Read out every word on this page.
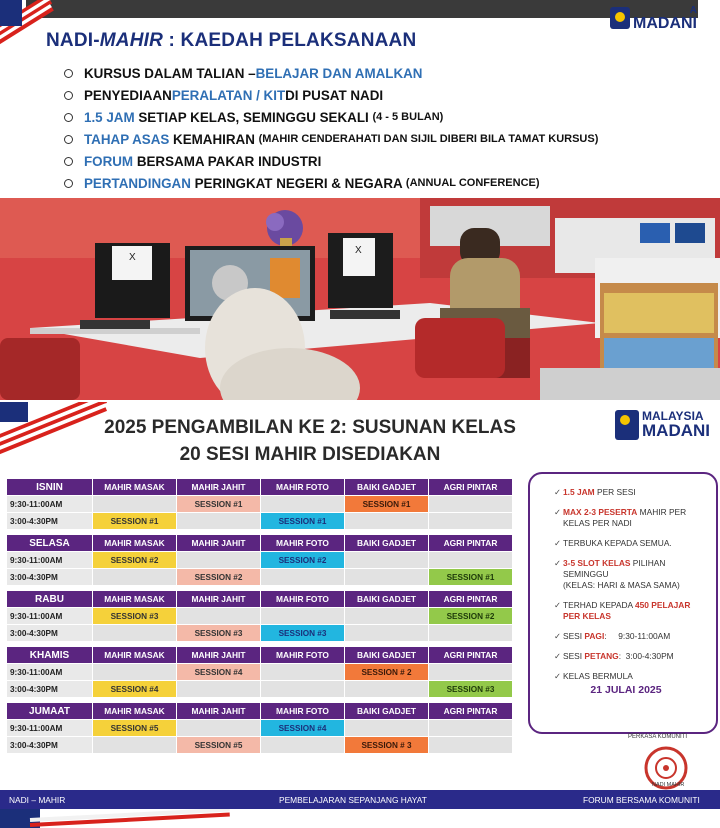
A
MADANI
NADI-MAHIR : KAEDAH PELAKSANAAN
KURSUS DALAM TALIAN – BELAJAR DAN AMALKAN
PENYEDIAAN PERALATAN / KIT DI PUSAT NADI
1.5 JAM SETIAP KELAS, SEMINGGU SEKALI (4 - 5 BULAN)
TAHAP ASAS KEMAHIRAN (MAHIR CENDERAHATI DAN SIJIL DIBERI BILA TAMAT KURSUS)
FORUM BERSAMA PAKAR INDUSTRI
PERTANDINGAN PERINGKAT NEGERI & NEGARA (ANNUAL CONFERENCE)
X
X
MALAYSIA
MADANI
2025 PENGAMBILAN KE 2: SUSUNAN KELAS
20 SESI MAHIR DISEDIAKAN
ISNIN	MAHIR MASAK	MAHIR JAHIT	MAHIR FOTO	BAIKI GADJET	AGRI PINTAR
9:30-11:00AM		SESSION #1		SESSION #1	
3:00-4:30PM	SESSION #1		SESSION #1		

SELASA	MAHIR MASAK	MAHIR JAHIT	MAHIR FOTO	BAIKI GADJET	AGRI PINTAR
9:30-11:00AM	SESSION #2		SESSION #2		
3:00-4:30PM		SESSION #2			SESSION #1

RABU	MAHIR MASAK	MAHIR JAHIT	MAHIR FOTO	BAIKI GADJET	AGRI PINTAR
9:30-11:00AM	SESSION #3				SESSION #2
3:00-4:30PM		SESSION #3	SESSION #3		

KHAMIS	MAHIR MASAK	MAHIR JAHIT	MAHIR FOTO	BAIKI GADJET	AGRI PINTAR
9:30-11:00AM		SESSION #4		SESSION # 2	
3:00-4:30PM	SESSION #4				SESSION #3

JUMAAT	MAHIR MASAK	MAHIR JAHIT	MAHIR FOTO	BAIKI GADJET	AGRI PINTAR
9:30-11:00AM	SESSION #5		SESSION #4		
3:00-4:30PM		SESSION #5		SESSION # 3	
✓ 1.5 JAM PER SESI
✓ MAX 2-3 PESERTA MAHIR PER KELAS PER NADI
✓ TERBUKA KEPADA SEMUA.
✓ 3-5 SLOT KELAS PILIHAN SEMINGGU
(KELAS: HARI & MASA SAMA)
✓ TERHAD KEPADA 450 PELAJAR PER KELAS
✓ SESI PAGI:     9:30-11:00AM
✓ SESI PETANG:  3:00-4:30PM
✓ KELAS BERMULA
21 JULAI 2025
PERKASA KOMUNITI
NADI MAHIR
NADI – MAHIR	PEMBELAJARAN SEPANJANG HAYAT	FORUM BERSAMA KOMUNITI
